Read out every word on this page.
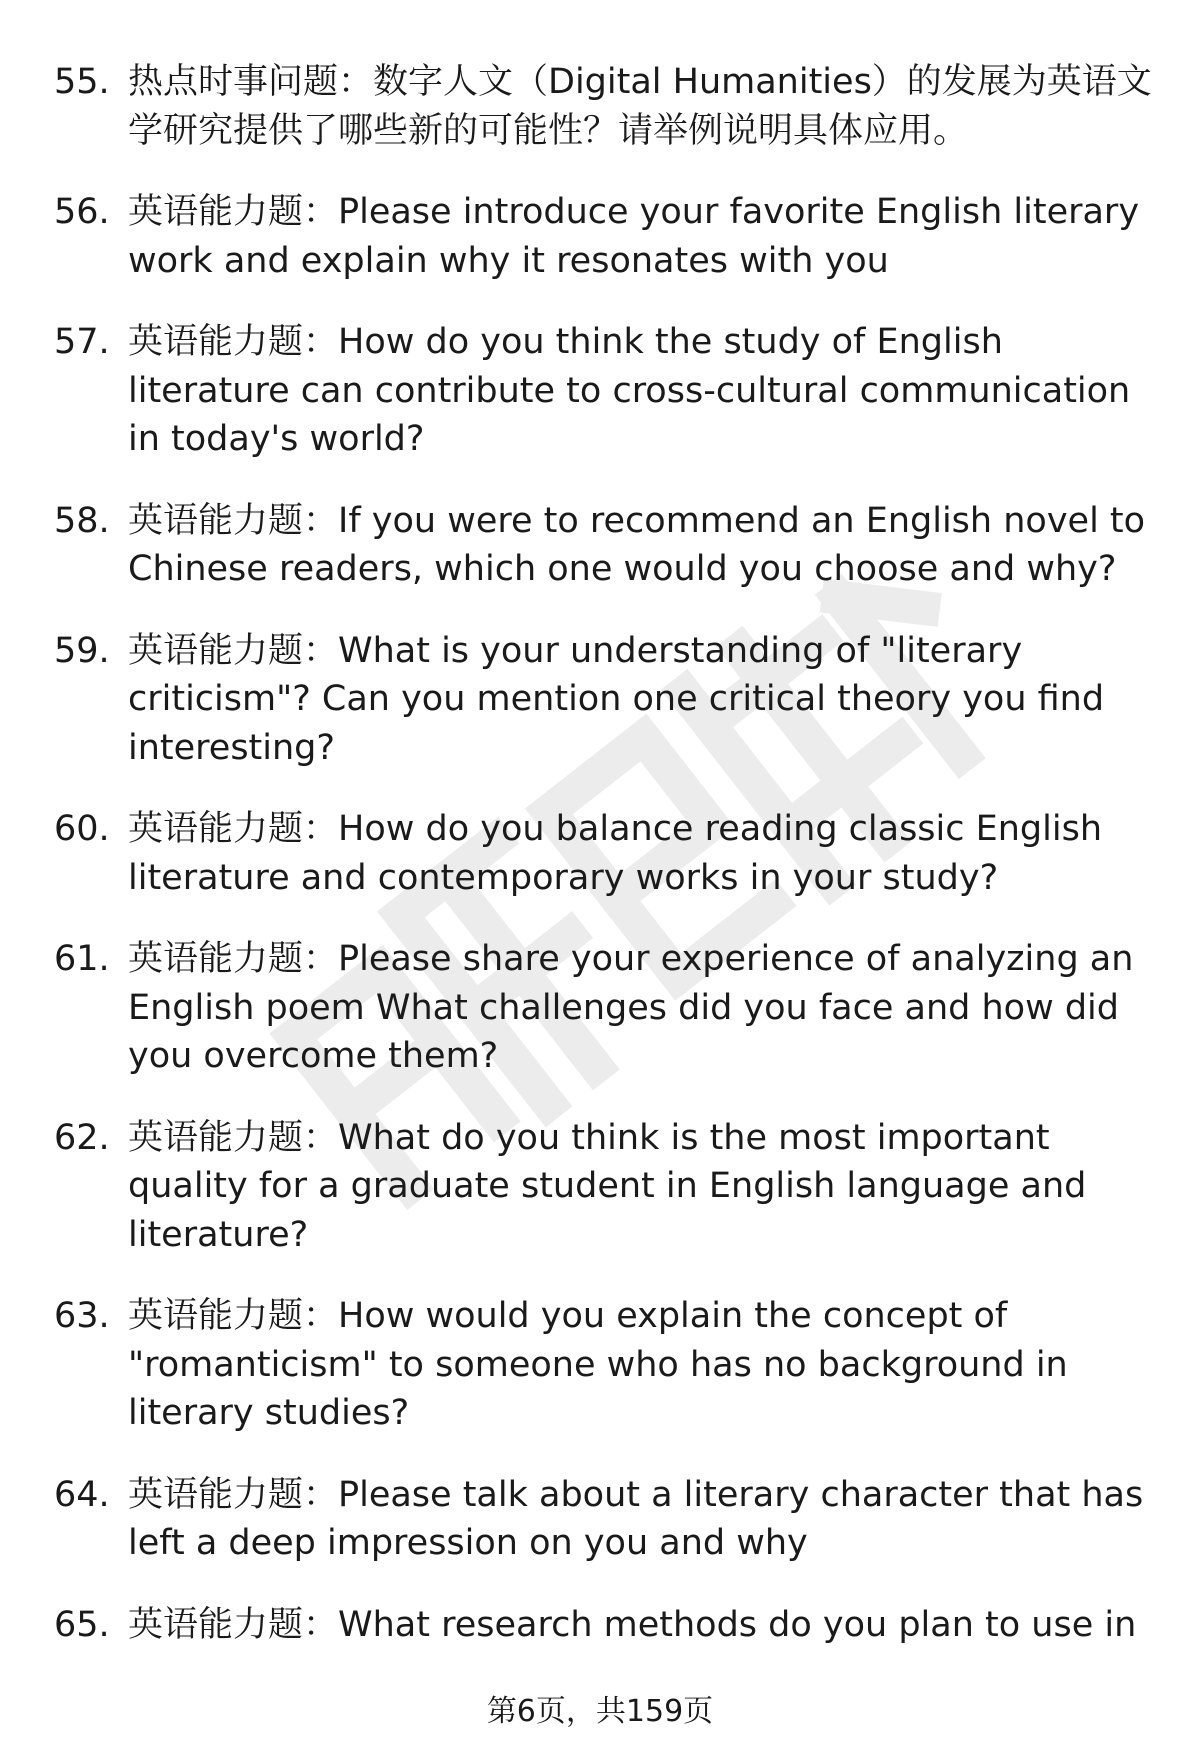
55. 热点时事问题：数字人文（Digital Humanities）的发展为英语文学研究提供了哪些新的可能性？请举例说明具体应用。
56. 英语能力题：Please introduce your favorite English literary work and explain why it resonates with you
57. 英语能力题：How do you think the study of English literature can contribute to cross-cultural communication in today's world?
58. 英语能力题：If you were to recommend an English novel to Chinese readers, which one would you choose and why?
59. 英语能力题：What is your understanding of "literary criticism"? Can you mention one critical theory you find interesting?
60. 英语能力题：How do you balance reading classic English literature and contemporary works in your study?
61. 英语能力题：Please share your experience of analyzing an English poem What challenges did you face and how did you overcome them?
62. 英语能力题：What do you think is the most important quality for a graduate student in English language and literature?
63. 英语能力题：How would you explain the concept of "romanticism" to someone who has no background in literary studies?
64. 英语能力题：Please talk about a literary character that has left a deep impression on you and why
65. 英语能力题：What research methods do you plan to use in
第6页，共159页
